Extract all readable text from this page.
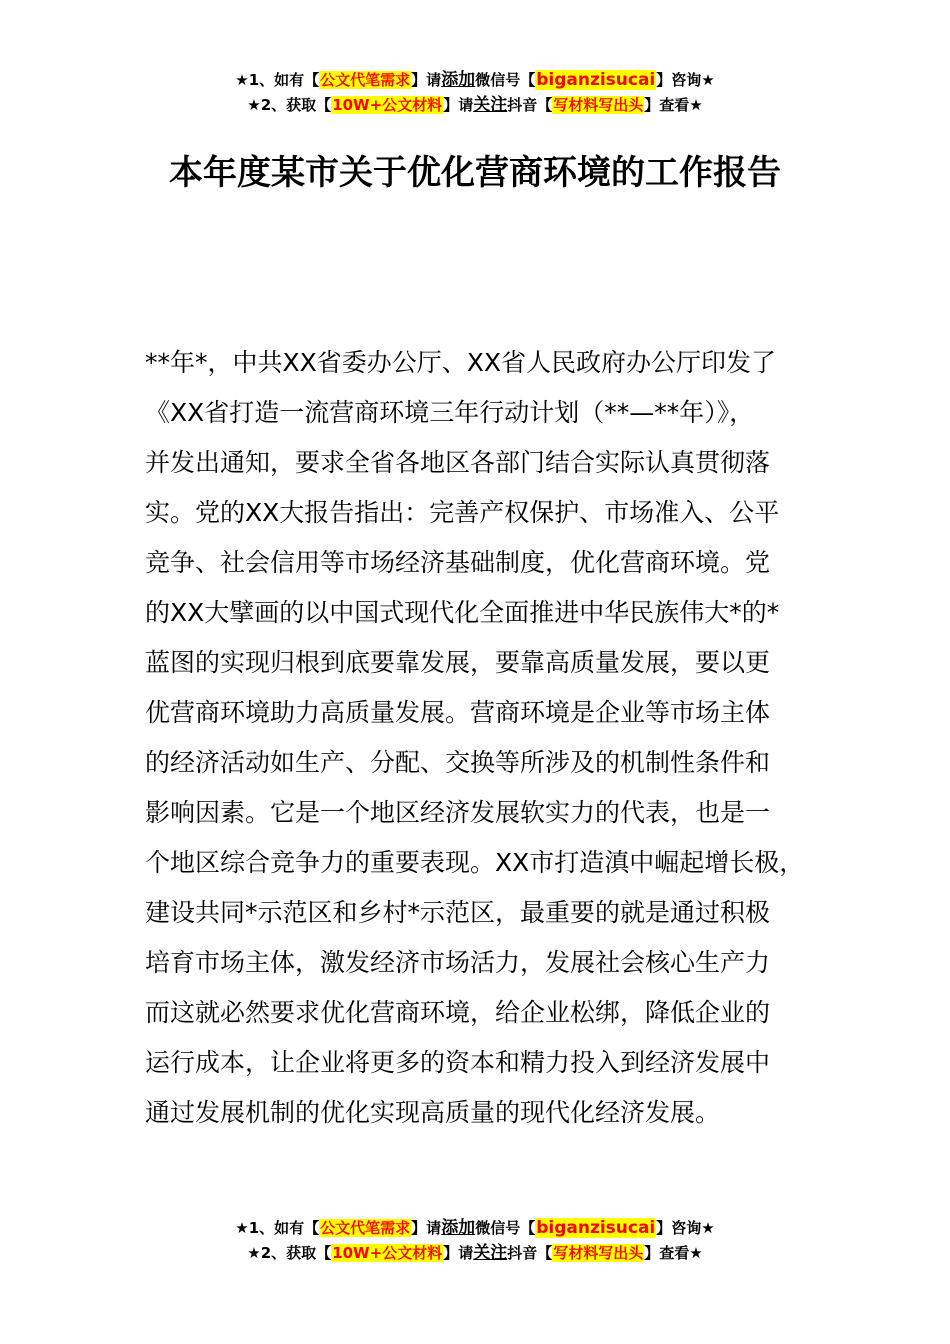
★1、如有【公文代笔需求】请添加微信号【biganzisucai】咨询★
★2、获取【10W+公文材料】请关注抖音【写材料写出头】查看★
本年度某市关于优化营商环境的工作报告
**年*，中共XX省委办公厅、XX省人民政府办公厅印发了
《XX省打造一流营商环境三年行动计划（**—**年）》，
并发出通知，要求全省各地区各部门结合实际认真贯彻落
实。党的XX大报告指出：完善产权保护、市场准入、公平
竞争、社会信用等市场经济基础制度，优化营商环境。党
的XX大擘画的以中国式现代化全面推进中华民族伟大*的*
蓝图的实现归根到底要靠发展，要靠高质量发展，要以更
优营商环境助力高质量发展。营商环境是企业等市场主体
的经济活动如生产、分配、交换等所涉及的机制性条件和
影响因素。它是一个地区经济发展软实力的代表，也是一
个地区综合竞争力的重要表现。XX市打造滇中崛起增长极，
建设共同*示范区和乡村*示范区，最重要的就是通过积极
培育市场主体，激发经济市场活力，发展社会核心生产力
而这就必然要求优化营商环境，给企业松绑，降低企业的
运行成本，让企业将更多的资本和精力投入到经济发展中
通过发展机制的优化实现高质量的现代化经济发展。
★1、如有【公文代笔需求】请添加微信号【biganzisucai】咨询★
★2、获取【10W+公文材料】请关注抖音【写材料写出头】查看★
